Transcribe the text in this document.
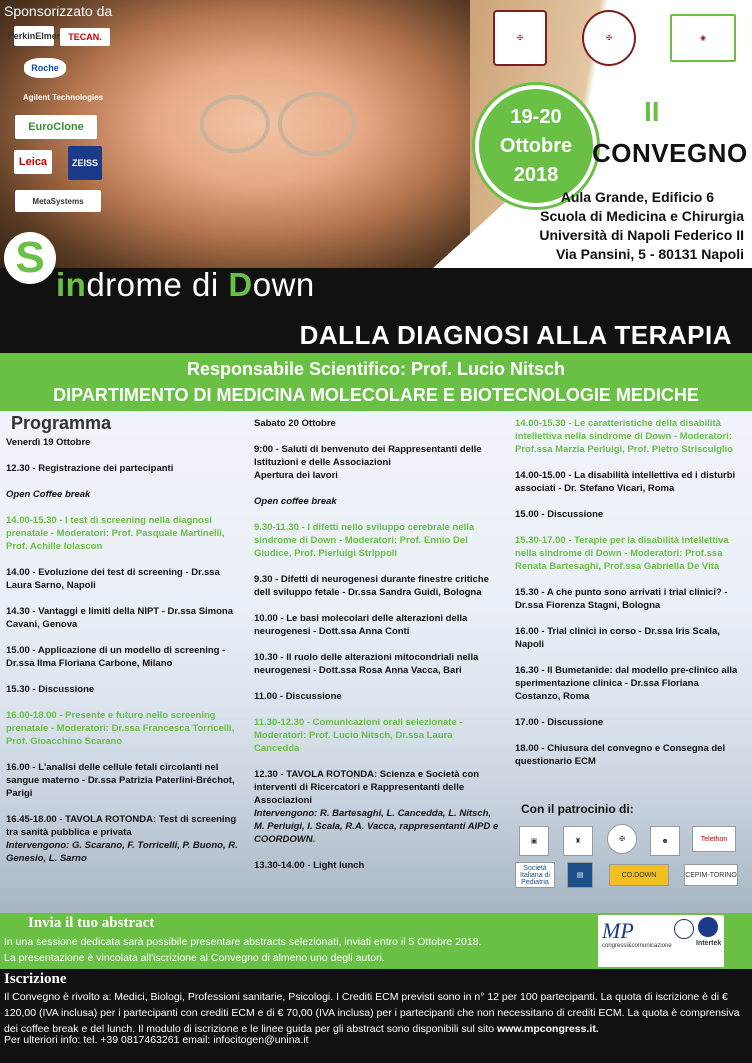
Sponsorizzato da
PerkinElmer TECAN.
Roche
Agilent Technologies
EuroClone
Leica	ZEISS
MetaSystems
✠	✠	◉
19-20
Ottobre
2018
II
CONVEGNO
Aula Grande, Edificio 6
Scuola di Medicina e Chirurgia
Università di Napoli Federico II
Via Pansini, 5 - 80131 Napoli
S
indrome di Down
DALLA DIAGNOSI ALLA TERAPIA
Responsabile Scientifico: Prof. Lucio Nitsch
DIPARTIMENTO DI MEDICINA MOLECOLARE E BIOTECNOLOGIE MEDICHE
Programma
Venerdì 19 Ottobre
12.30 - Registrazione dei partecipanti
Open Coffee break
14.00-15.30 - I test di screening nella diagnosi prenatale - Moderatori: Prof. Pasquale Martinelli, Prof. Achille Iolascon
14.00 - Evoluzione dei test di screening - Dr.ssa Laura Sarno, Napoli
14.30 - Vantaggi e limiti della NIPT - Dr.ssa Simona Cavani, Genova
15.00 - Applicazione di un modello di screening - Dr.ssa Ilma Floriana Carbone, Milano
15.30 - Discussione
16.00-18.00 - Presente e futuro nello screening prenatale - Moderatori: Dr.ssa Francesca Torricelli, Prof. Gioacchino Scarano
16.00 - L'analisi delle cellule fetali circolanti nel sangue materno - Dr.ssa Patrizia Paterlini-Bréchot, Parigi
16.45-18.00 - TAVOLA ROTONDA: Test di screening tra sanità pubblica e privata
Intervengono: G. Scarano, F. Torricelli, P. Buono, R. Genesio, L. Sarno
Sabato 20 Ottobre
9:00 - Saluti di benvenuto dei Rappresentanti delle Istituzioni e delle Associazioni
Apertura dei lavori
Open coffee break
9.30-11.30 - I difetti nello sviluppo cerebrale nella sindrome di Down - Moderatori: Prof. Ennio Del Giudice, Prof. Pierluigi Strippoli
9.30 - Difetti di neurogenesi durante finestre critiche dell sviluppo fetale - Dr.ssa Sandra Guidi, Bologna
10.00 - Le basi molecolari delle alterazioni della neurogenesi - Dott.ssa Anna Conti
10.30 - Il ruolo delle alterazioni mitocondriali nella neurogenesi - Dott.ssa Rosa Anna Vacca, Bari
11.00 - Discussione
11.30-12.30 - Comunicazioni orali selezionate - Moderatori: Prof. Lucio Nitsch, Dr.ssa Laura Cancedda
12.30 - TAVOLA ROTONDA: Scienza e Società con interventi di Ricercatori e Rappresentanti delle Associazioni
Intervengono: R. Bartesaghi, L. Cancedda, L. Nitsch, M. Perluigi, I. Scala, R.A. Vacca, rappresentanti AIPD e COORDOWN.
13.30-14.00 - Light lunch
14.00-15.30 - Le caratteristiche della disabilità intellettiva nella sindrome di Down - Moderatori: Prof.ssa Marzia Perluigi, Prof. Pietro Striscuiglio
14.00-15.00 - La disabilità intellettiva ed i disturbi associati - Dr. Stefano Vicari, Roma
15.00 - Discussione
15.30-17.00 - Terapie per la disabilità intellettiva nella sindrome di Down - Moderatori: Prof.ssa Renata Bartesaghi, Prof.ssa Gabriella De Vita
15.30 - A che punto sono arrivati i trial clinici? - Dr.ssa Fiorenza Stagni, Bologna
16.00 - Trial clinici in corso - Dr.ssa Iris Scala, Napoli
16.30 - Il Bumetanide: dal modello pre-clinico alla sperimentazione clinica - Dr.ssa Floriana Costanzo, Roma
17.00 - Discussione
18.00 - Chiusura del convegno e Consegna del questionario ECM
Con il patrocinio di:
▣	♜	✠	☻	Telethon
Società Italiana di Pediatria
▤	CO.DOWN	CEPIM-TORINO
Invia il tuo abstract
In una sessione dedicata sarà possibile presentare abstracts selezionati, inviati entro il 5 Ottobre 2018.
La presentazione è vincolata all'iscrizione al Convegno di almeno uno degli autori.
MP
congressi&comunicazione	Intertek
Iscrizione
Il Convegno è rivolto a: Medici, Biologi, Professioni sanitarie, Psicologi. I Crediti ECM previsti sono in n° 12 per 100 partecipanti. La quota di iscrizione è di € 120,00 (IVA inclusa) per i partecipanti con crediti ECM e di € 70,00 (IVA inclusa) per i partecipanti che non necessitano di crediti ECM. La quota è comprensiva dei coffee break e del lunch. Il modulo di iscrizione e le linee guida per gli abstract sono disponibili sul sito www.mpcongress.it.
Per ulteriori info: tel. +39 0817463261 email: infocitogen@unina.it
